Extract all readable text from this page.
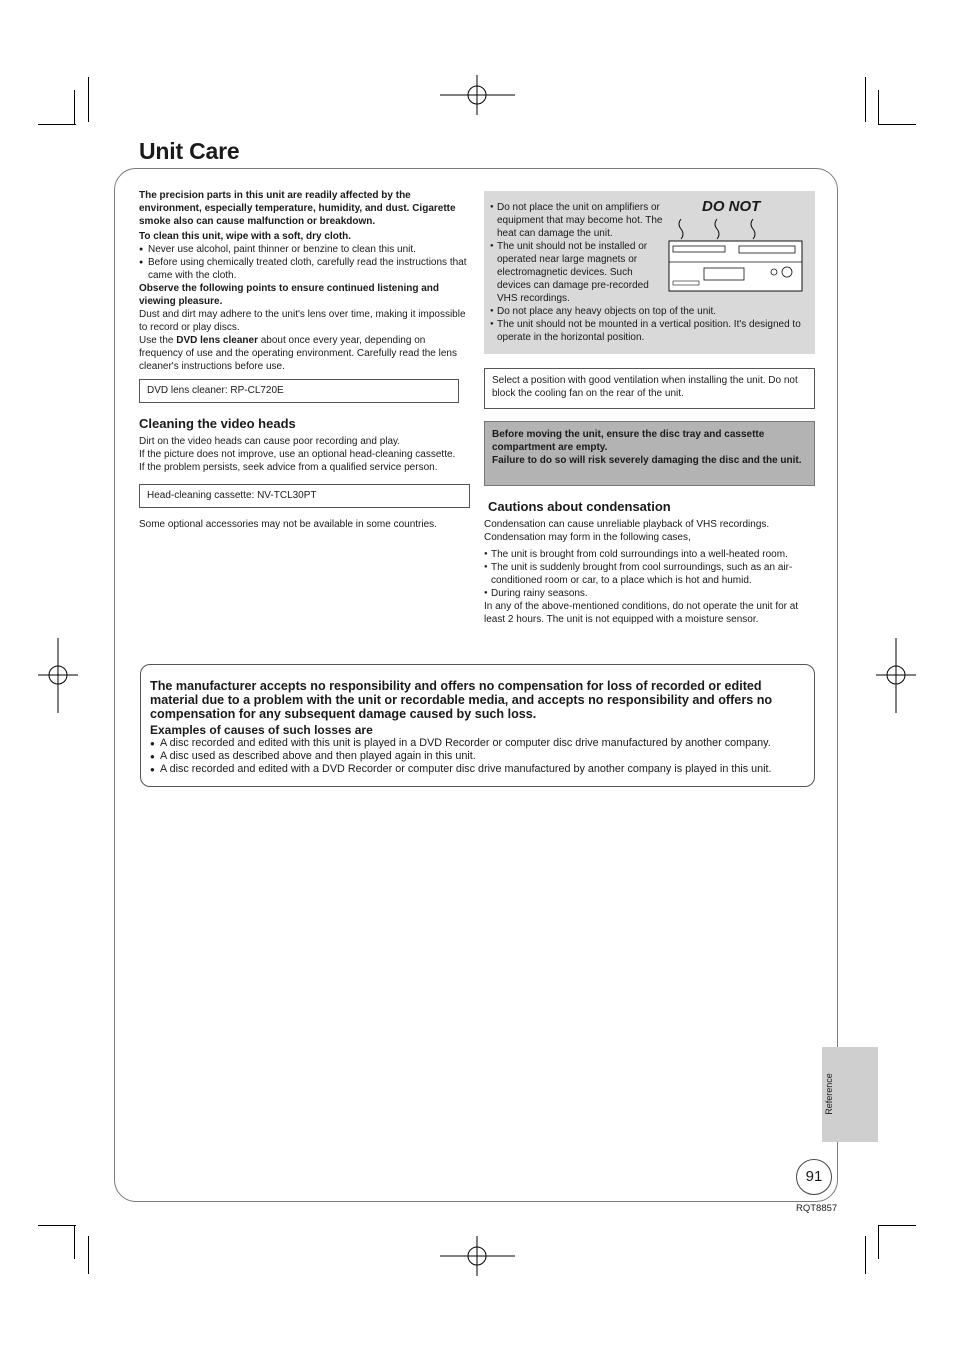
Unit Care

The precision parts in this unit are readily affected by the environment, especially temperature, humidity, and dust. Cigarette smoke also can cause malfunction or breakdown.

To clean this unit, wipe with a soft, dry cloth.

● Never use alcohol, paint thinner or benzine to clean this unit.
● Before using chemically treated cloth, carefully read the instructions that came with the cloth.

Observe the following points to ensure continued listening and viewing pleasure.

Dust and dirt may adhere to the unit's lens over time, making it impossible to record or play discs.

Use the DVD lens cleaner about once every year, depending on frequency of use and the operating environment. Carefully read the lens cleaner's instructions before use.

DVD lens cleaner: RP-CL720E
Cleaning the video heads
Dirt on the video heads can cause poor recording and play.
If the picture does not improve, use an optional head-cleaning cassette.
If the problem persists, seek advice from a qualified service person.
Head-cleaning cassette: NV-TCL30PT
Some optional accessories may not be available in some countries.
DO NOT
● Do not place the unit on amplifiers or equipment that may become hot. The heat can damage the unit.
● The unit should not be installed or operated near large magnets or electromagnetic devices. Such devices can damage pre-recorded VHS recordings.
● Do not place any heavy objects on top of the unit.
● The unit should not be mounted in a vertical position. It's designed to operate in the horizontal position.
Select a position with good ventilation when installing the unit. Do not block the cooling fan on the rear of the unit.
Before moving the unit, ensure the disc tray and cassette compartment are empty.
Failure to do so will risk severely damaging the disc and the unit.
Cautions about condensation

Condensation can cause unreliable playback of VHS recordings. Condensation may form in the following cases,

● The unit is brought from cold surroundings into a well-heated room.
● The unit is suddenly brought from cool surroundings, such as an air-conditioned room or car, to a place which is hot and humid.
● During rainy seasons.

In any of the above-mentioned conditions, do not operate the unit for at least 2 hours. The unit is not equipped with a moisture sensor.

The manufacturer accepts no responsibility and offers no compensation for loss of recorded or edited material due to a problem with the unit or recordable media, and accepts no responsibility and offers no compensation for any subsequent damage caused by such loss.
Examples of causes of such losses are
● A disc recorded and edited with this unit is played in a DVD Recorder or computer disc drive manufactured by another company.
● A disc used as described above and then played again in this unit.
● A disc recorded and edited with a DVD Recorder or computer disc drive manufactured by another company is played in this unit.
Reference
91
RQT8857
